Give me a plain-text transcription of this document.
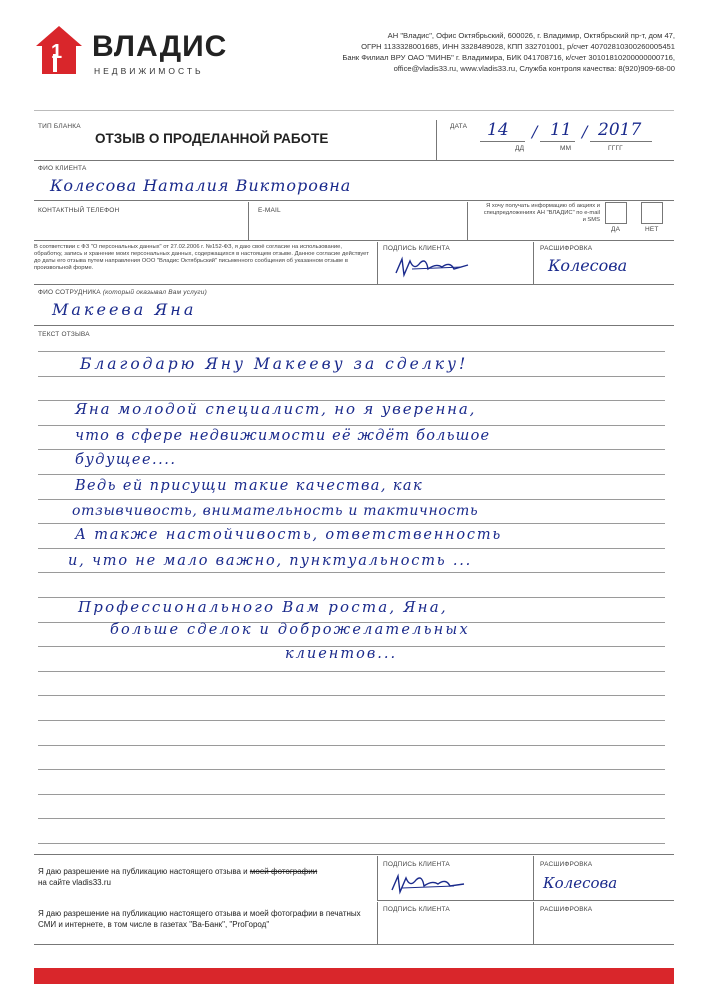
1 ВЛАДИС
НЕДВИЖИМОСТЬ
АН "Владис", Офис Октябрьский, 600026, г. Владимир, Октябрьский пр-т, дом 47,
ОГРН 1133328001685, ИНН 3328489028, КПП 332701001, р/счет 40702810300260005451
Банк Филиал ВРУ ОАО "МИНБ" г. Владимира, БИК 041708716, к/счет 30101810200000000716,
office@vladis33.ru, www.vladis33.ru, Служба контроля качества: 8(920)909-68-00
ТИП БЛАНКА
ОТЗЫВ О ПРОДЕЛАННОЙ РАБОТЕ
ДАТА 14 / 11 / 2017
ДД	ММ	ГГГГ
ФИО КЛИЕНТА
Колесова Наталия Викторовна
КОНТАКТНЫЙ ТЕЛЕФОН	E-MAIL
Я хочу получать информацию об акциях и спецпредложениях АН "ВЛАДИС" по e-mail и SMS
ДА	НЕТ
В соответствии с ФЗ "О персональных данных" от 27.02.2006 г. №152-ФЗ, я даю своё согласие на использование, обработку, запись и хранение моих персональных данных, содержащихся в настоящем отзыве. Данное согласие действует до даты его отзыва путем направления ООО "Владис Октябрьский" письменного сообщения об указанном отзыве в произвольной форме.
ПОДПИСЬ КЛИЕНТА	РАСШИФРОВКА
Колесова
ФИО СОТРУДНИКА (который оказывал Вам услуги)
Макеева Яна
ТЕКСТ ОТЗЫВА
Благодарю Яну Макееву за сделку!
Яна молодой специалист, но я уверенна,
что в сфере недвижимости её ждёт большое
будущее....
Ведь ей присущи такие качества, как
отзывчивость, внимательность и тактичность
А также настойчивость, ответственность
и, что не мало важно, пунктуальность ...
Профессионального Вам роста, Яна,
больше сделок и доброжелательных
клиентов...
Я даю разрешение на публикацию настоящего отзыва и моей фотографии
на сайте vladis33.ru
ПОДПИСЬ КЛИЕНТА	РАСШИФРОВКА
Колесова
Я даю разрешение на публикацию настоящего отзыва и моей фотографии в печатных СМИ и интернете, в том числе в газетах "Ва-Банк", "ProГород"
ПОДПИСЬ КЛИЕНТА	РАСШИФРОВКА
